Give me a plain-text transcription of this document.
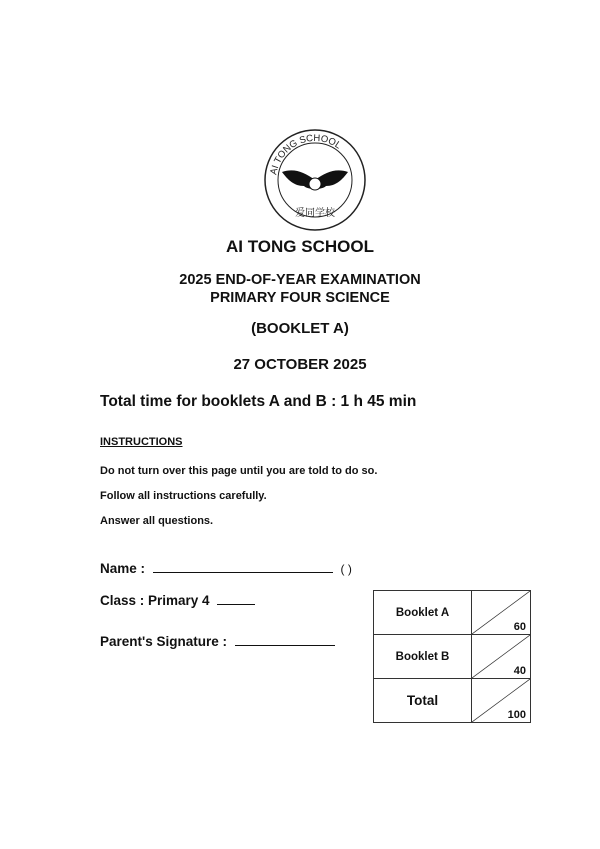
AI TONG SCHOOL
爱同学校
AI TONG SCHOOL
2025 END-OF-YEAR EXAMINATION
PRIMARY FOUR SCIENCE
(BOOKLET A)
27 OCTOBER 2025
Total time for booklets A and B : 1 h 45 min
INSTRUCTIONS
Do not turn over this page until you are told to do so.
Follow all instructions carefully.
Answer all questions.
Name :	( )
Class : Primary 4
Parent's Signature :
Booklet A	60

Booklet B	40

Total	100
